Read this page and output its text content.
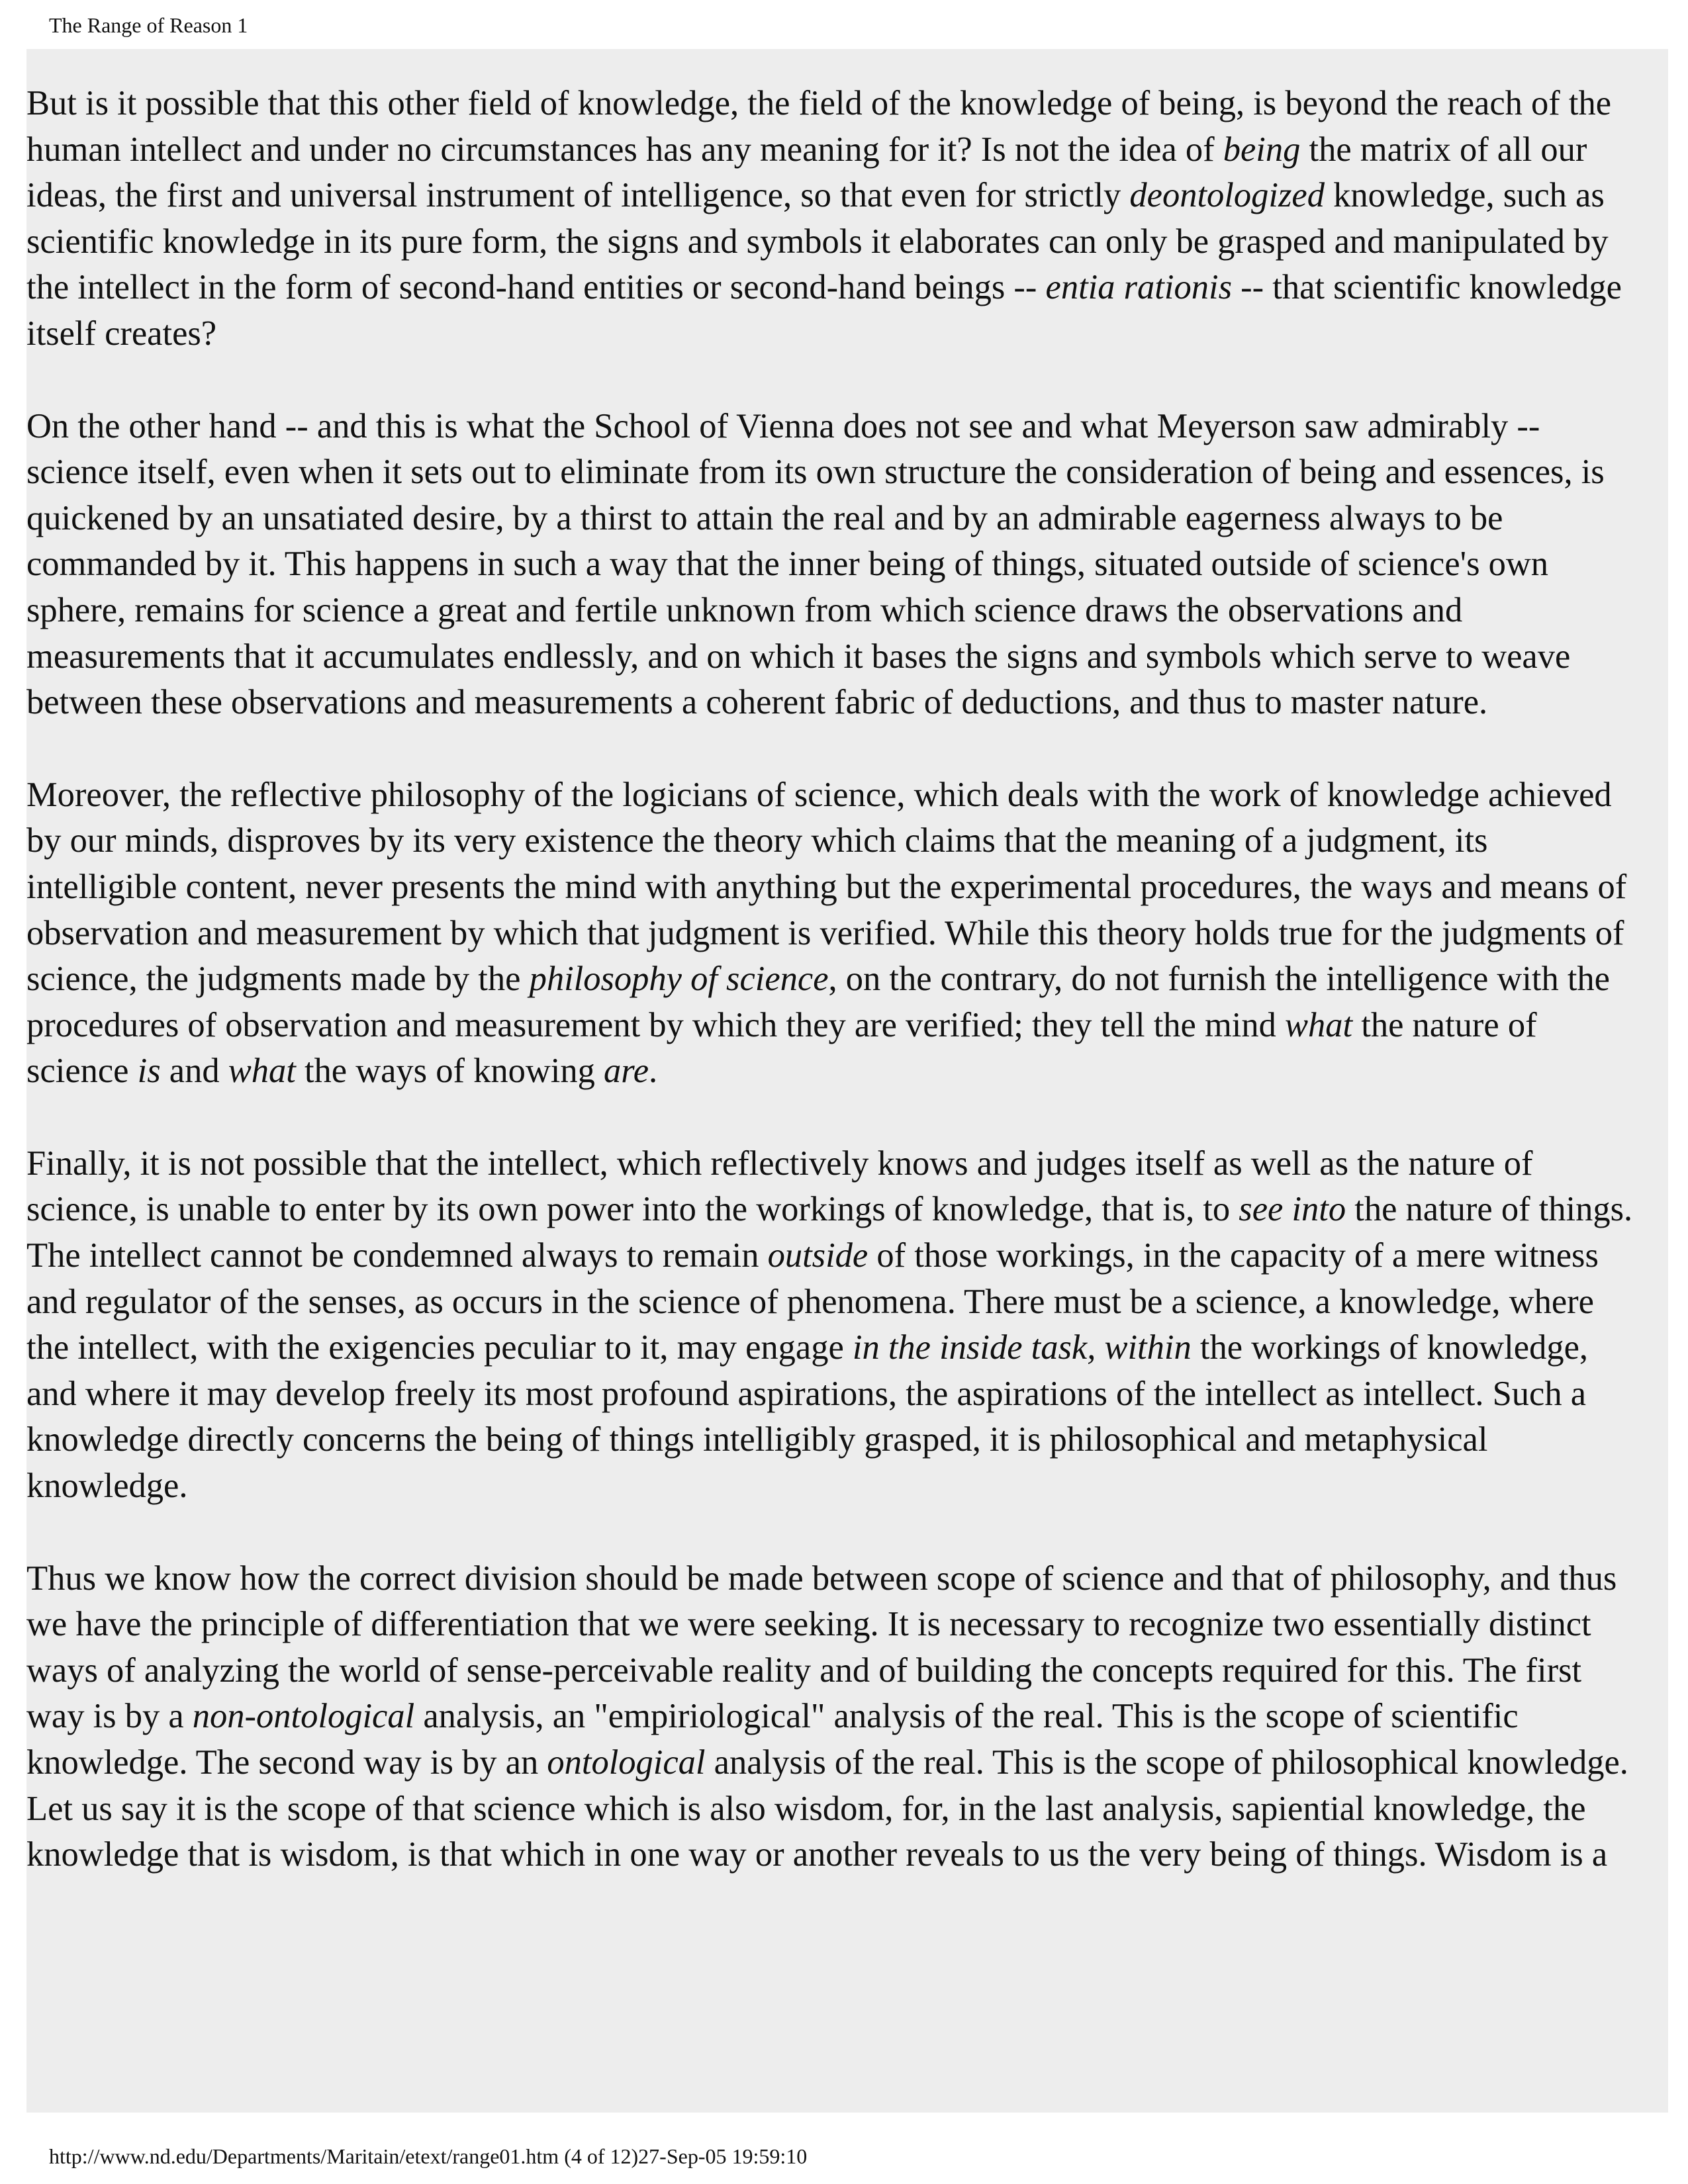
The Range of Reason 1

But is it possible that this other field of knowledge, the field of the knowledge of being, is beyond the reach of the human intellect and under no circumstances has any meaning for it? Is not the idea of being the matrix of all our ideas, the first and universal instrument of intelligence, so that even for strictly deontologized knowledge, such as scientific knowledge in its pure form, the signs and symbols it elaborates can only be grasped and manipulated by the intellect in the form of second-hand entities or second-hand beings -- entia rationis -- that scientific knowledge itself creates?

On the other hand -- and this is what the School of Vienna does not see and what Meyerson saw admirably -- science itself, even when it sets out to eliminate from its own structure the consideration of being and essences, is quickened by an unsatiated desire, by a thirst to attain the real and by an admirable eagerness always to be commanded by it. This happens in such a way that the inner being of things, situated outside of science's own sphere, remains for science a great and fertile unknown from which science draws the observations and measurements that it accumulates endlessly, and on which it bases the signs and symbols which serve to weave between these observations and measurements a coherent fabric of deductions, and thus to master nature.

Moreover, the reflective philosophy of the logicians of science, which deals with the work of knowledge achieved by our minds, disproves by its very existence the theory which claims that the meaning of a judgment, its intelligible content, never presents the mind with anything but the experimental procedures, the ways and means of observation and measurement by which that judgment is verified. While this theory holds true for the judgments of science, the judgments made by the philosophy of science, on the contrary, do not furnish the intelligence with the procedures of observation and measurement by which they are verified; they tell the mind what the nature of science is and what the ways of knowing are.

Finally, it is not possible that the intellect, which reflectively knows and judges itself as well as the nature of science, is unable to enter by its own power into the workings of knowledge, that is, to see into the nature of things. The intellect cannot be condemned always to remain outside of those workings, in the capacity of a mere witness and regulator of the senses, as occurs in the science of phenomena. There must be a science, a knowledge, where the intellect, with the exigencies peculiar to it, may engage in the inside task, within the workings of knowledge, and where it may develop freely its most profound aspirations, the aspirations of the intellect as intellect. Such a knowledge directly concerns the being of things intelligibly grasped, it is philosophical and metaphysical knowledge.

Thus we know how the correct division should be made between scope of science and that of philosophy, and thus we have the principle of differentiation that we were seeking. It is necessary to recognize two essentially distinct ways of analyzing the world of sense-perceivable reality and of building the concepts required for this. The first way is by a non-ontological analysis, an "empiriological" analysis of the real. This is the scope of scientific knowledge. The second way is by an ontological analysis of the real. This is the scope of philosophical knowledge. Let us say it is the scope of that science which is also wisdom, for, in the last analysis, sapiential knowledge, the knowledge that is wisdom, is that which in one way or another reveals to us the very being of things. Wisdom is a

http://www.nd.edu/Departments/Maritain/etext/range01.htm (4 of 12)27-Sep-05 19:59:10
